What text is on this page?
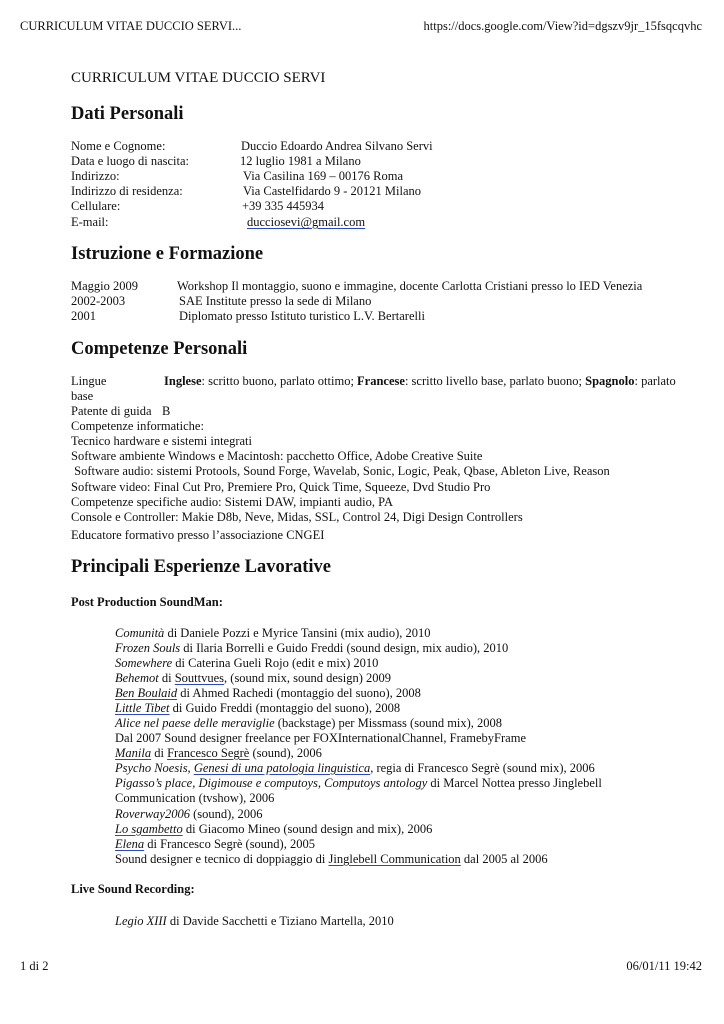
CURRICULUM VITAE DUCCIO SERVI...	https://docs.google.com/View?id=dgszv9jr_15fsqcqvhc
CURRICULUM VITAE DUCCIO SERVI
Dati Personali
Nome e Cognome:	Duccio Edoardo Andrea Silvano Servi
Data e luogo di nascita:	12 luglio 1981 a Milano
Indirizzo:	Via Casilina 169 – 00176 Roma
Indirizzo di residenza:	Via Castelfidardo 9 - 20121 Milano
Cellulare:	+39 335 445934
E-mail:	ducciosevi@gmail.com
Istruzione e Formazione
Maggio 2009	Workshop Il montaggio, suono e immagine, docente Carlotta Cristiani presso lo IED Venezia
2002-2003	SAE Institute presso la sede di Milano
2001	Diplomato presso Istituto turistico L.V. Bertarelli
Competenze Personali
Lingue	Inglese: scritto buono, parlato ottimo; Francese: scritto livello base, parlato buono; Spagnolo: parlato
base
Patente di guida B
Competenze informatiche:
Tecnico hardware e sistemi integrati
Software ambiente Windows e Macintosh: pacchetto Office, Adobe Creative Suite
Software audio: sistemi Protools, Sound Forge, Wavelab, Sonic, Logic, Peak, Qbase, Ableton Live, Reason
Software video: Final Cut Pro, Premiere Pro, Quick Time, Squeeze, Dvd Studio Pro
Competenze specifiche audio: Sistemi DAW, impianti audio, PA
Console e Controller: Makie D8b, Neve, Midas, SSL, Control 24, Digi Design Controllers
Educatore formativo presso l’associazione CNGEI
Principali Esperienze Lavorative
Post Production SoundMan:
Comunità di Daniele Pozzi e Myrice Tansini (mix audio), 2010
Frozen Souls di Ilaria Borrelli e Guido Freddi (sound design, mix audio), 2010
Somewhere di Caterina Gueli Rojo (edit e mix) 2010
Behemot di Souttvues, (sound mix, sound design) 2009
Ben Boulaid di Ahmed Rachedi (montaggio del suono), 2008
Little Tibet di Guido Freddi (montaggio del suono), 2008
Alice nel paese delle meraviglie (backstage) per Missmass (sound mix), 2008
Dal 2007 Sound designer freelance per FOXInternationalChannel, FramebyFrame
Manila di Francesco Segrè (sound), 2006
Psycho Noesis, Genesi di una patologia linguistica, regia di Francesco Segrè (sound mix), 2006
Pigasso’s place, Digimouse e computoys, Computoys antology di Marcel Nottea presso Jinglebell
Communication (tvshow), 2006
Roverway2006 (sound), 2006
Lo sgambetto di Giacomo Mineo (sound design and mix), 2006
Elena di Francesco Segrè (sound), 2005
Sound designer e tecnico di doppiaggio di Jinglebell Communication dal 2005 al 2006
Live Sound Recording:
Legio XIII di Davide Sacchetti e Tiziano Martella, 2010
1 di 2	06/01/11 19:42
